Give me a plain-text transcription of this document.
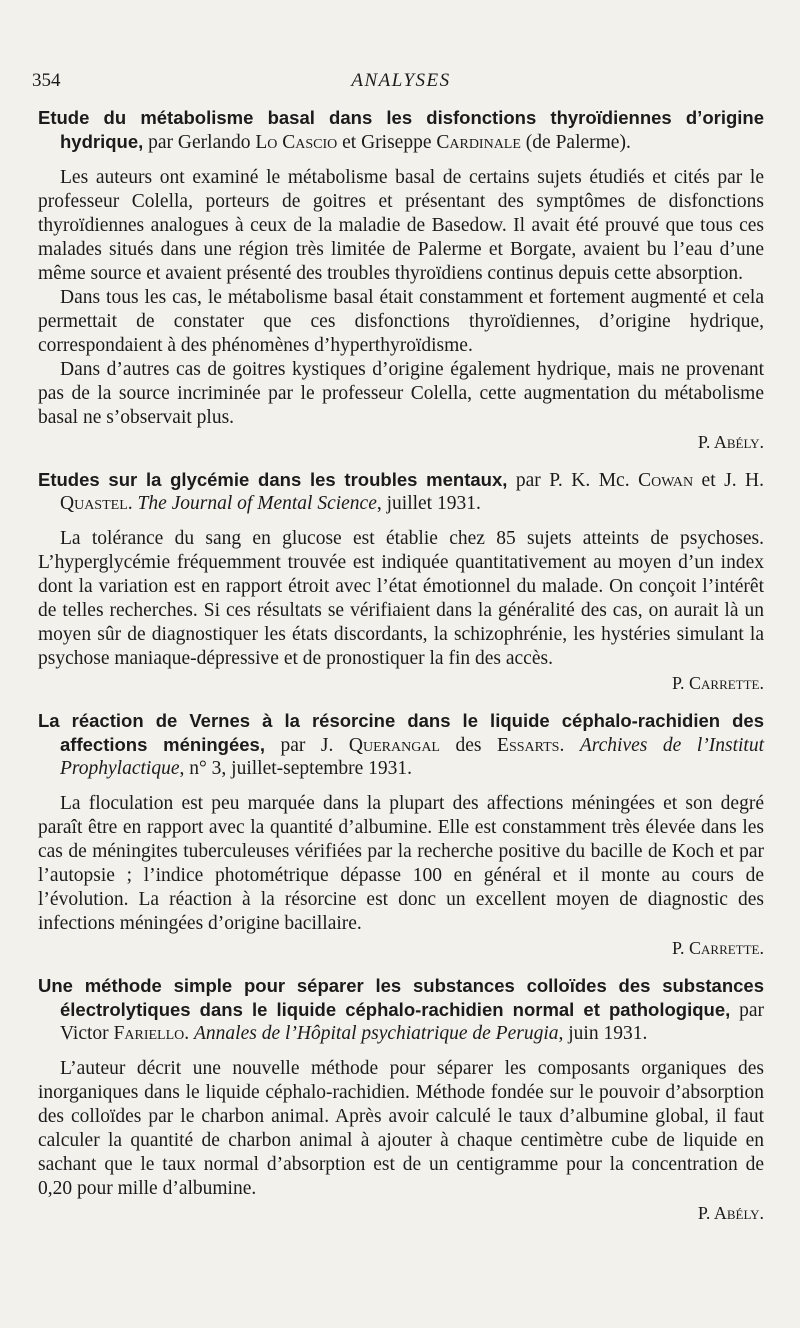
354	ANALYSES

Etude du métabolisme basal dans les disfonctions thyroïdiennes d’origine hydrique, par Gerlando Lo Cascio et Griseppe Cardinale (de Palerme).

Les auteurs ont examiné le métabolisme basal de certains sujets étudiés et cités par le professeur Colella, porteurs de goitres et présentant des symptômes de disfonctions thyroïdiennes analogues à ceux de la maladie de Basedow. Il avait été prouvé que tous ces malades situés dans une région très limitée de Palerme et Borgate, avaient bu l’eau d’une même source et avaient présenté des troubles thyroïdiens continus depuis cette absorption.

Dans tous les cas, le métabolisme basal était constamment et fortement augmenté et cela permettait de constater que ces disfonctions thyroïdiennes, d’origine hydrique, correspondaient à des phénomènes d’hyperthyroïdisme.

Dans d’autres cas de goitres kystiques d’origine également hydrique, mais ne provenant pas de la source incriminée par le professeur Colella, cette augmentation du métabolisme basal ne s’observait plus.

P. Abély.

Etudes sur la glycémie dans les troubles mentaux, par P. K. Mc. Cowan et J. H. Quastel. The Journal of Mental Science, juillet 1931.

La tolérance du sang en glucose est établie chez 85 sujets atteints de psychoses. L’hyperglycémie fréquemment trouvée est indiquée quantitativement au moyen d’un index dont la variation est en rapport étroit avec l’état émotionnel du malade. On conçoit l’intérêt de telles recherches. Si ces résultats se vérifiaient dans la généralité des cas, on aurait là un moyen sûr de diagnostiquer les états discordants, la schizophrénie, les hystéries simulant la psychose maniaque-dépressive et de pronostiquer la fin des accès.

P. Carrette.

La réaction de Vernes à la résorcine dans le liquide céphalo-rachidien des affections méningées, par J. Querangal des Essarts. Archives de l’Institut Prophylactique, n° 3, juillet-septembre 1931.

La floculation est peu marquée dans la plupart des affections méningées et son degré paraît être en rapport avec la quantité d’albumine. Elle est constamment très élevée dans les cas de méningites tuberculeuses vérifiées par la recherche positive du bacille de Koch et par l’autopsie ; l’indice photométrique dépasse 100 en général et il monte au cours de l’évolution. La réaction à la résorcine est donc un excellent moyen de diagnostic des infections méningées d’origine bacillaire.

P. Carrette.

Une méthode simple pour séparer les substances colloïdes des substances électrolytiques dans le liquide céphalo-rachidien normal et pathologique, par Victor Fariello. Annales de l’Hôpital psychiatrique de Perugia, juin 1931.

L’auteur décrit une nouvelle méthode pour séparer les composants organiques des inorganiques dans le liquide céphalo-rachidien. Méthode fondée sur le pouvoir d’absorption des colloïdes par le charbon animal. Après avoir calculé le taux d’albumine global, il faut calculer la quantité de charbon animal à ajouter à chaque centimètre cube de liquide en sachant que le taux normal d’absorption est de un centigramme pour la concentration de 0,20 pour mille d’albumine.

P. Abély.
